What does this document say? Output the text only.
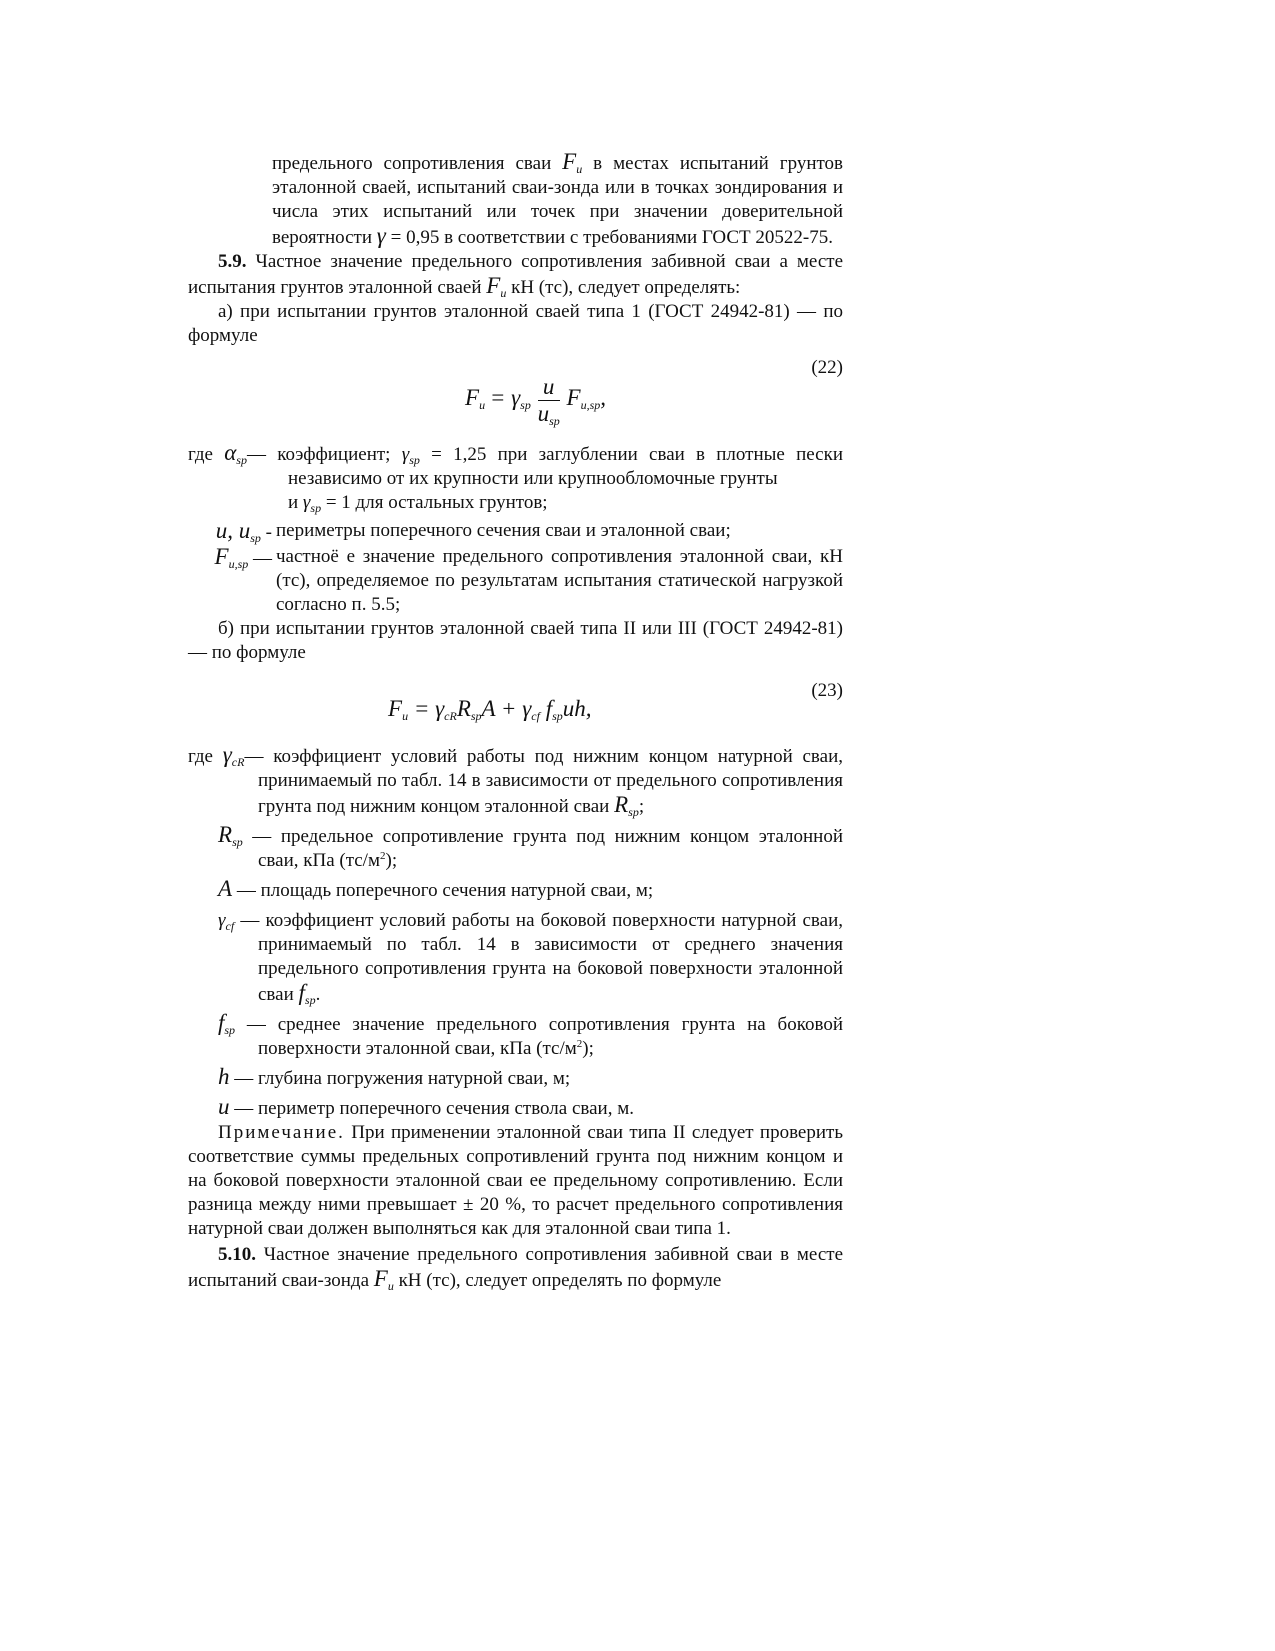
предельного сопротивления сваи $F_u$ в местах испытаний грунтов эталонной сваей, испытаний сваи-зонда или в точках зондирования и числа этих испытаний или точек при значении доверительной вероятности γ = 0,95 в соответствии с требованиями ГОСТ 20522-75.

5.9. Частное значение предельного сопротивления забивной сваи а месте испытания грунтов эталонной сваей $F_u$ кН (тс), следует определять:

а) при испытании грунтов эталонной сваей типа 1 (ГОСТ 24942-81) — по формуле

(22)
$F_u = \gamma_{sp} \frac{u}{u_{sp}} F_{u,sp}$,

где $\alpha_{sp}—$ коэффициент; $\gamma_{sp} = 1,25$ при заглублении сваи в плотные пески независимо от их крупности или крупнообломочные грунты

и $\gamma_{sp} = 1$ для остальных грунтов;

u, $u_{sp}$ - периметры поперечного сечения сваи и эталонной сваи;
$F_{u,sp}$ — частноё е значение предельного сопротивления эталонной сваи, кН (тс), определяемое по результатам испытания статической нагрузкой согласно п. 5.5;

б) при испытании грунтов эталонной сваей типа II или III (ГОСТ 24942-81) — по формуле

(23)
$F_u = \gamma_{cR}R_{sp}A + \gamma_{cf}$ $f_{sp}uh$,

где $\gamma_{cR}—$ коэффициент условий работы под нижним концом натурной сваи, принимаемый по табл. 14 в зависимости от предельного сопротивления грунта под нижним концом эталонной сваи $R_{sp}$;

$R_{sp}$ — предельное сопротивление грунта под нижним концом эталонной сваи, кПа $(тс/м^2)$;

A — площадь поперечного сечения натурной сваи, м;

$\gamma_{cf}$ — коэффициент условий работы на боковой поверхности натурной сваи, принимаемый по табл. 14 в зависимости от среднего значения предельного сопротивления грунта на боковой поверхности эталонной сваи $f_{sp}$.

$f_{sp}$ — среднее значение предельного сопротивления грунта на боковой поверхности эталонной сваи, кПа $(тс/м^2)$;

h — глубина погружения натурной сваи, м;

u — периметр поперечного сечения ствола сваи, м.

Примечание. При применении эталонной сваи типа II следует проверить соответствие суммы предельных сопротивлений грунта под нижним концом и на боковой поверхности эталонной сваи ее предельному сопротивлению. Если разница между ними превышает ± 20 %, то расчет предельного сопротивления натурной сваи должен выполняться как для эталонной сваи типа 1.

5.10. Частное значение предельного сопротивления забивной сваи в месте испытаний сваи-зонда $F_u$ кН (тс), следует определять по формуле
